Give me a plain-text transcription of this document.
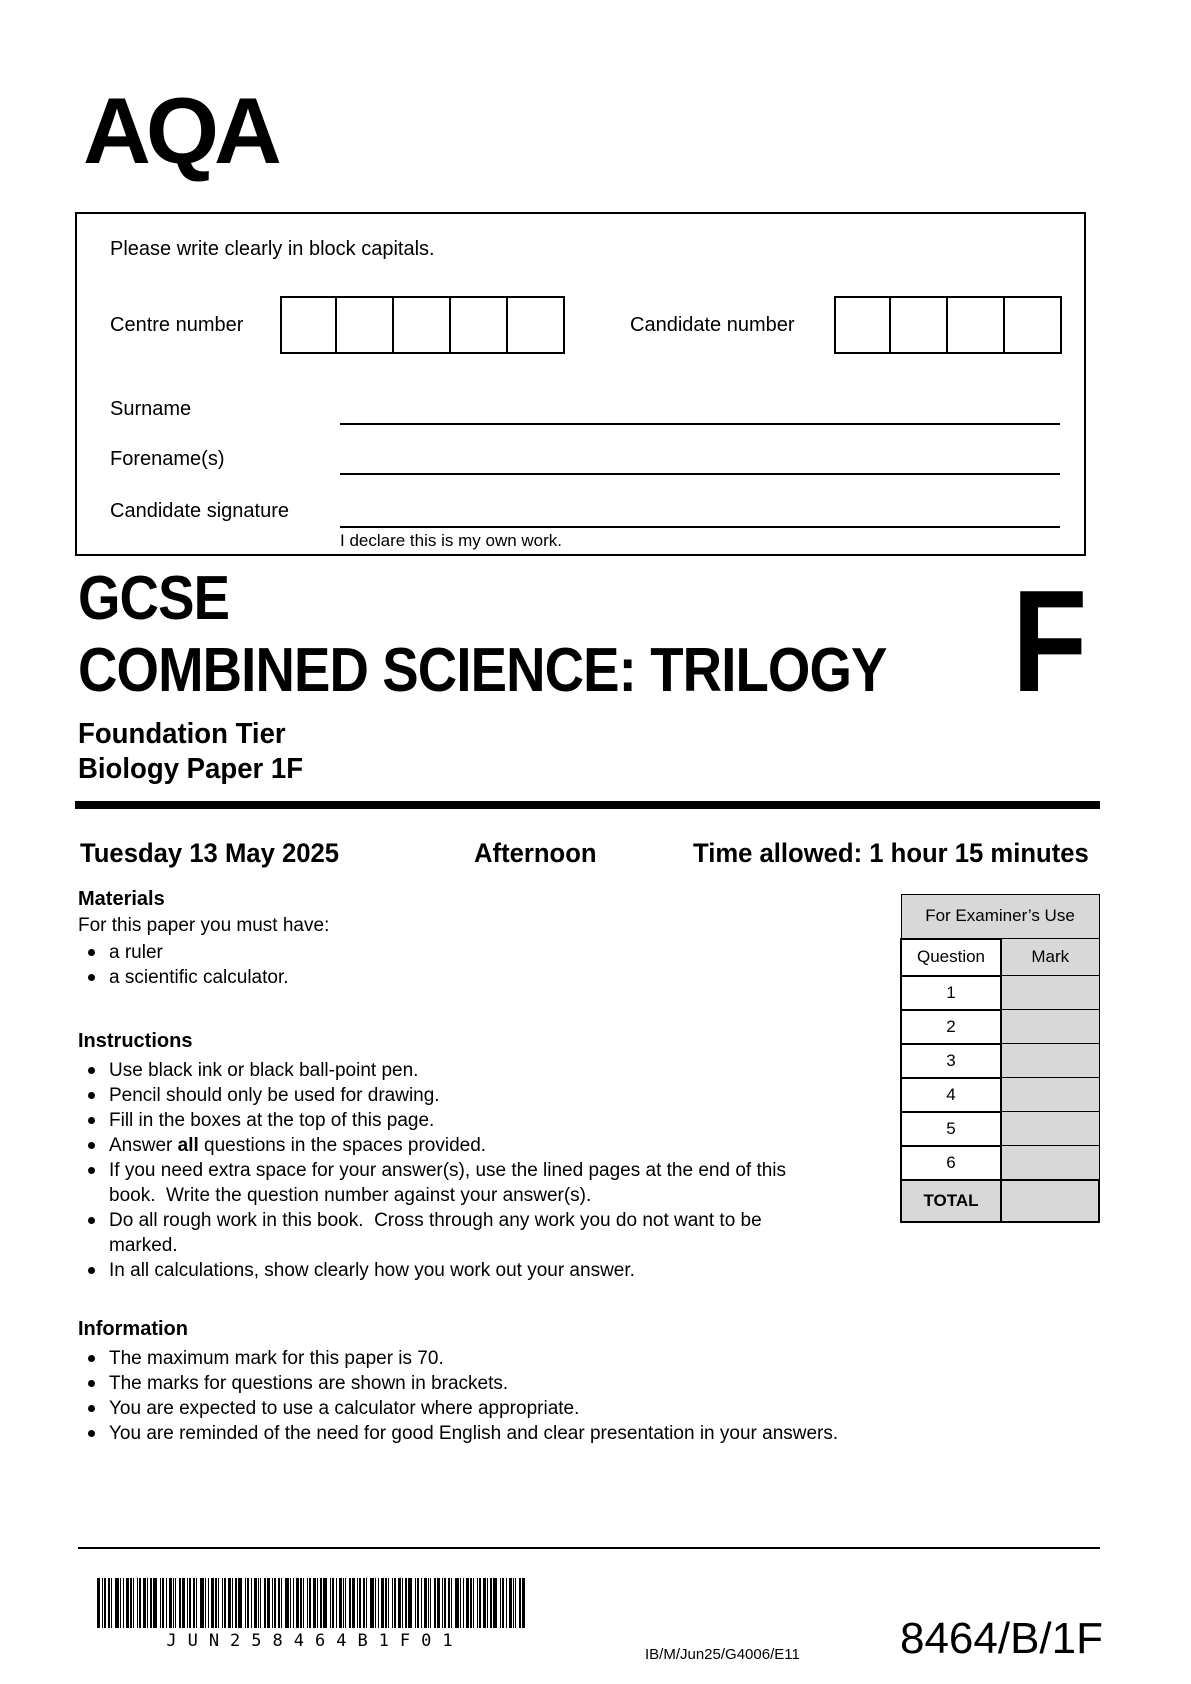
AQA
Please write clearly in block capitals.
Centre number	Candidate number
Surname
Forename(s)
Candidate signature
I declare this is my own work.
GCSE
COMBINED SCIENCE: TRILOGY F
Foundation Tier
Biology Paper 1F
Tuesday 13 May 2025	Afternoon	Time allowed: 1 hour 15 minutes
Materials
For this paper you must have:
a ruler
a scientific calculator.
Instructions
Use black ink or black ball-point pen.
Pencil should only be used for drawing.
Fill in the boxes at the top of this page.
Answer all questions in the spaces provided.
If you need extra space for your answer(s), use the lined pages at the end of this book.  Write the question number against your answer(s).
Do all rough work in this book.  Cross through any work you do not want to be marked.
In all calculations, show clearly how you work out your answer.
Information
The maximum mark for this paper is 70.
The marks for questions are shown in brackets.
You are expected to use a calculator where appropriate.
You are reminded of the need for good English and clear presentation in your answers.
For Examiner’s Use	
Question	Mark
1	
2	
3	
4	
5	
6	
TOTAL	
JUN258464B1F01
IB/M/Jun25/G4006/E11	8464/B/1F
